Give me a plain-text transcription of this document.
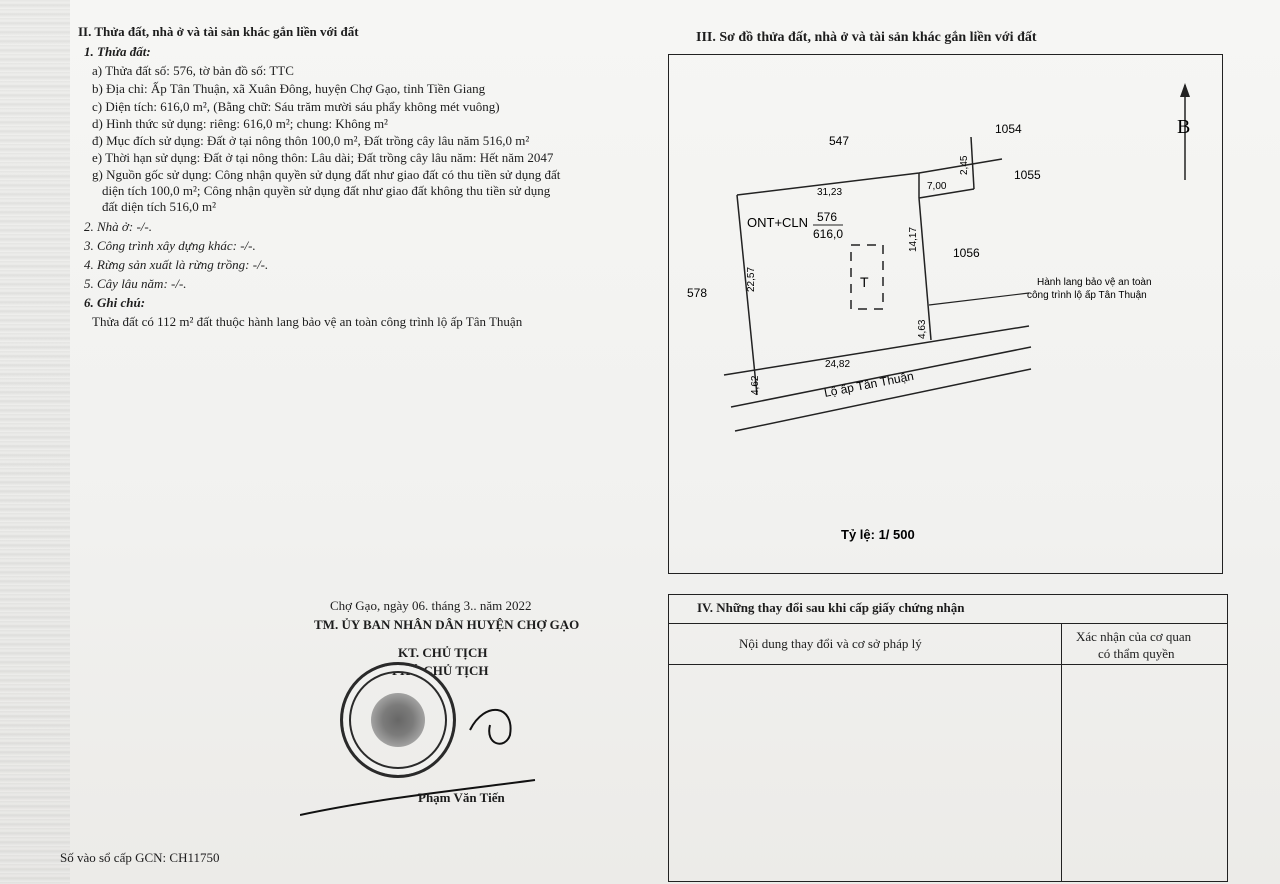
II. Thửa đất, nhà ở và tài sản khác gắn liền với đất
1. Thửa đất:
a) Thửa đất số: 576, tờ bản đồ số: TTC
b) Địa chỉ: Ấp Tân Thuận, xã Xuân Đông, huyện Chợ Gạo, tỉnh Tiền Giang
c) Diện tích: 616,0 m², (Bằng chữ: Sáu trăm mười sáu phẩy không mét vuông)
d) Hình thức sử dụng: riêng: 616,0 m²; chung: Không m²
đ) Mục đích sử dụng: Đất ở tại nông thôn 100,0 m², Đất trồng cây lâu năm 516,0 m²
e) Thời hạn sử dụng: Đất ở tại nông thôn: Lâu dài; Đất trồng cây lâu năm: Hết năm 2047
g) Nguồn gốc sử dụng: Công nhận quyền sử dụng đất như giao đất có thu tiền sử dụng đất
diện tích 100,0 m²; Công nhận quyền sử dụng đất như giao đất không thu tiền sử dụng
đất diện tích 516,0 m²
2. Nhà ở: -/-.
3. Công trình xây dựng khác: -/-.
4. Rừng sản xuất là rừng trồng: -/-.
5. Cây lâu năm: -/-.
6. Ghi chú:
Thửa đất có 112 m² đất thuộc hành lang bảo vệ an toàn công trình lộ ấp Tân Thuận
III. Sơ đồ thửa đất, nhà ở và tài sản khác gắn liền với đất
B
T
ONT+CLN 576
616,0
547
1054
1055
1056
578
31,23
7,00
2,45
14,17
22,57
24,82
4,63
4,62
Hành lang bảo vệ an toàn
công trình lộ ấp Tân Thuận
Lộ ấp Tân Thuận
Tỷ lệ: 1/ 500
Chợ Gạo, ngày 06. tháng 3.. năm 2022
TM. ỦY BAN NHÂN DÂN HUYỆN CHỢ GẠO
KT. CHỦ TỊCH
PHÓ CHỦ TỊCH
Phạm Văn Tiến
Số vào sổ cấp GCN: CH11750
IV. Những thay đổi sau khi cấp giấy chứng nhận
Nội dung thay đổi và cơ sở pháp lý	Xác nhận của cơ quan
có thẩm quyền
